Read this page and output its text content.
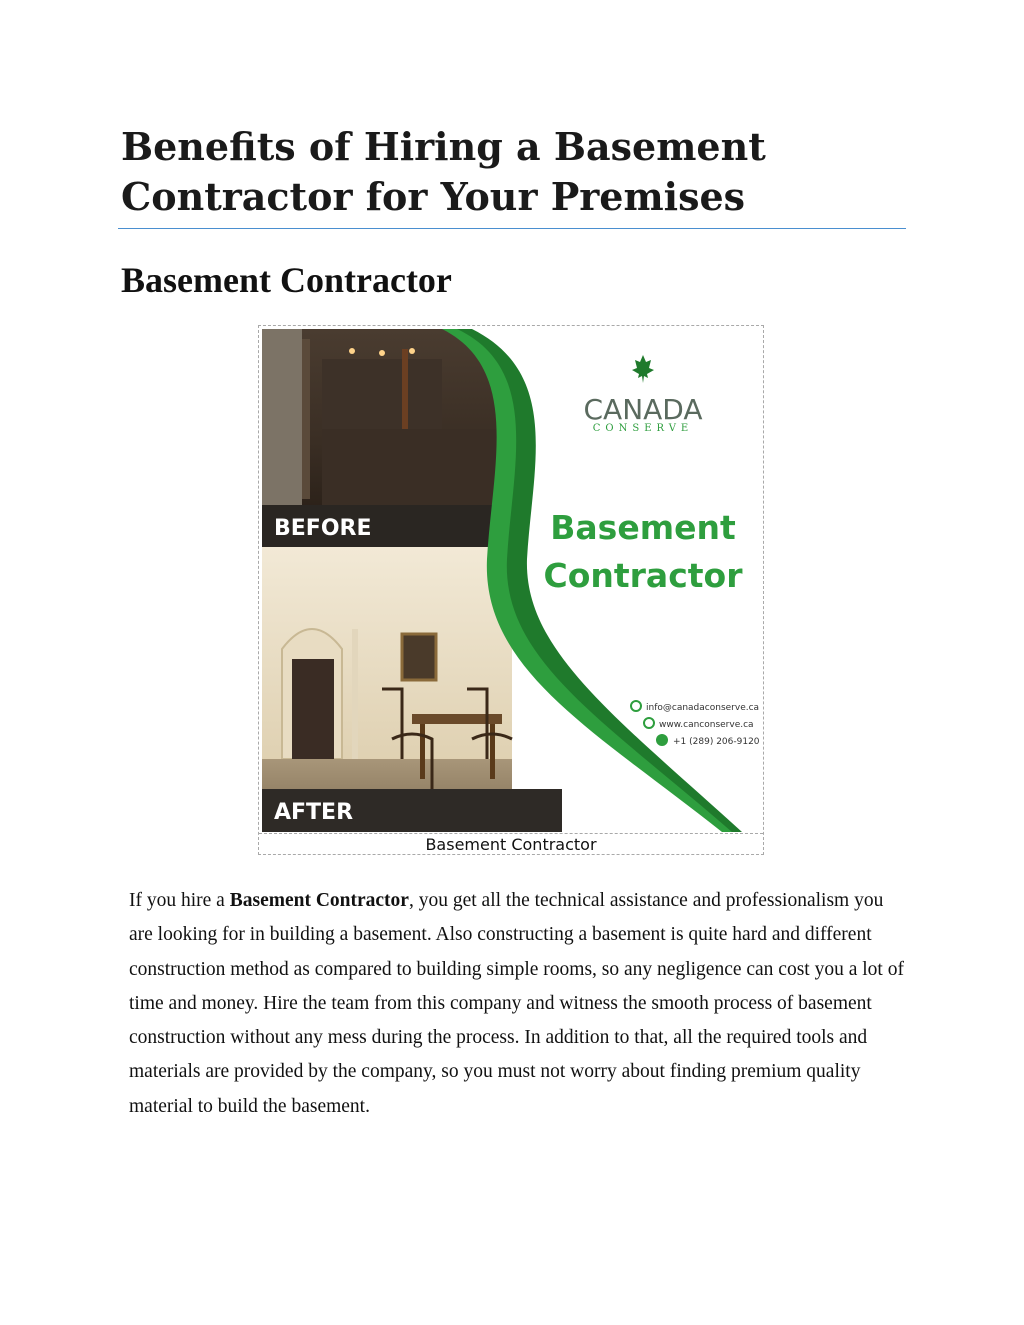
Benefits of Hiring a Basement Contractor for Your Premises
Basement Contractor
BEFORE
AFTER
CANADA
CONSERVE
Basement
Contractor
info@canadaconserve.ca
www.canconserve.ca
+1 (289) 206-9120
Basement Contractor

If you hire a Basement Contractor, you get all the technical assistance and professionalism you are looking for in building a basement. Also constructing a basement is quite hard and different construction method as compared to building simple rooms, so any negligence can cost you a lot of time and money. Hire the team from this company and witness the smooth process of basement construction without any mess during the process. In addition to that, all the required tools and materials are provided by the company, so you must not worry about finding premium quality material to build the basement.
